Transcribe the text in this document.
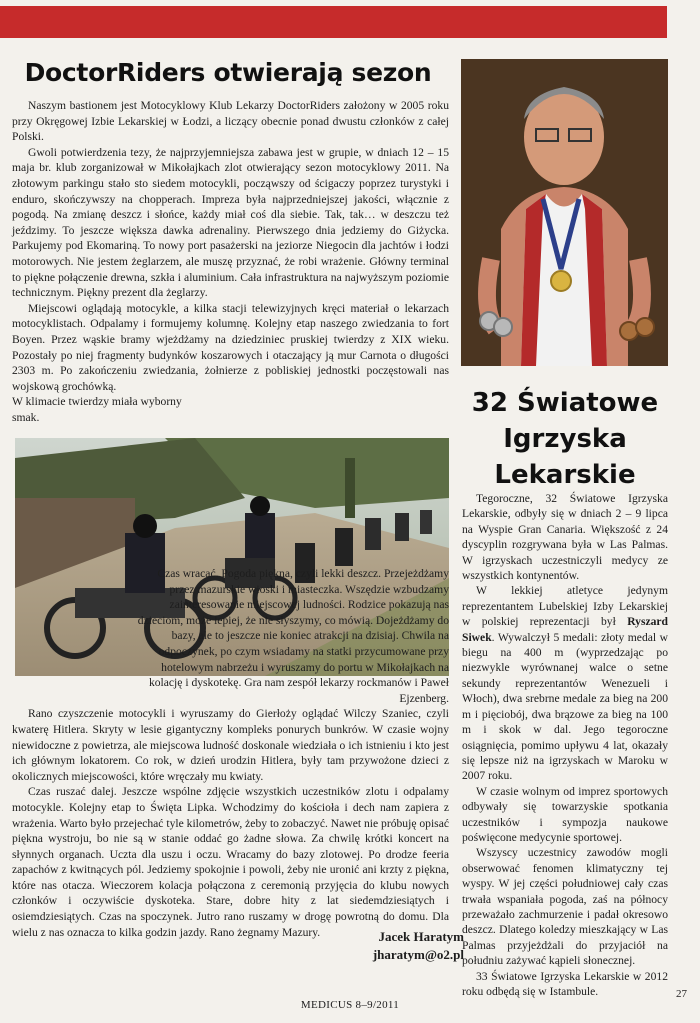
DoctorRiders otwierają sezon

Naszym bastionem jest Motocyklowy Klub Lekarzy DoctorRiders założony w 2005 roku przy Okręgowej Izbie Lekarskiej w Łodzi, a liczący obecnie ponad dwustu członków z całej Polski.

Gwoli potwierdzenia tezy, że najprzyjemniejsza zabawa jest w grupie, w dniach 12 – 15 maja br. klub zorganizował w Mikołajkach zlot otwierający sezon motocyklowy 2011. Na złotowym parkingu stało sto siedem motocykli, począwszy od ścigaczy poprzez turystyki i enduro, skończywszy na chopperach. Impreza była najprzedniejszej jakości, włącznie z pogodą. Na zmianę deszcz i słońce, każdy miał coś dla siebie. Tak, tak… w deszczu też jeździmy. To jeszcze większa dawka adrenaliny. Pierwszego dnia jedziemy do Giżycka. Parkujemy pod Ekomariną. To nowy port pasażerski na jeziorze Niegocin dla jachtów i łodzi motorowych. Nie jestem żeglarzem, ale muszę przyznać, że robi wrażenie. Główny terminal to piękne połączenie drewna, szkła i aluminium. Cała infrastruktura na najwyższym poziomie technicznym. Piękny prezent dla żeglarzy.

Miejscowi oglądają motocykle, a kilka stacji telewizyjnych kręci materiał o lekarzach motocyklistach. Odpalamy i formujemy kolumnę. Kolejny etap naszego zwiedzania to fort Boyen. Przez wąskie bramy wjeżdżamy na dziedziniec pruskiej twierdzy z XIX wieku. Pozostały po niej fragmenty budynków koszarowych i otaczający ją mur Carnota o długości 2303 m. Po zakończeniu zwiedzania, żołnierze z pobliskiej jednostki poczęstowali nas wojskową grochówką.

W klimacie twierdzy miała wyborny

smak.

Czas wracać. Pogoda piękna, czyli lekki deszcz. Przejeżdżamy przez mazurskie wioski i miasteczka. Wszędzie wzbudzamy zainteresowanie miejscowej ludności. Rodzice pokazują nas dzieciom, może lepiej, że nie słyszymy, co mówią. Dojeżdżamy do bazy, ale to jeszcze nie koniec atrakcji na dzisiaj. Chwila na odpoczynek, po czym wsiadamy na statki przycumowane przy hotelowym nabrzeżu i wyruszamy do portu w Mikołajkach na kolację i dyskotekę. Gra nam zespół lekarzy rockmanów i Paweł Ejzenberg.

Rano czyszczenie motocykli i wyruszamy do Gierłoży oglądać Wilczy Szaniec, czyli kwaterę Hitlera. Skryty w lesie gigantyczny kompleks ponurych bunkrów. W czasie wojny niewidoczne z powietrza, ale miejscowa ludność doskonale wiedziała o ich istnieniu i kto jest ich głównym lokatorem. Co rok, w dzień urodzin Hitlera, były tam przywożone dzieci z okolicznych miejscowości, które wręczały mu kwiaty.

Czas ruszać dalej. Jeszcze wspólne zdjęcie wszystkich uczestników zlotu i odpalamy motocykle. Kolejny etap to Święta Lipka. Wchodzimy do kościoła i dech nam zapiera z wrażenia. Warto było przejechać tyle kilometrów, żeby to zobaczyć. Nawet nie próbuję opisać piękna wystroju, bo nie są w stanie oddać go żadne słowa. Za chwilę krótki koncert na słynnych organach. Uczta dla uszu i oczu. Wracamy do bazy zlotowej. Po drodze feeria zapachów z kwitnących pól. Jedziemy spokojnie i powoli, żeby nie uronić ani krzty z piękna, które nas otacza. Wieczorem kolacja połączona z ceremonią przyjęcia do klubu nowych członków i oczywiście dyskoteka. Stare, dobre hity z lat siedemdziesiątych i osiemdziesiątych. Czas na spoczynek. Jutro rano ruszamy w drogę powrotną do domu. Dla wielu z nas oznacza to kilka godzin jazdy. Rano żegnamy Mazury.	Jacek Haratym
jharatym@o2.pl
32 Światowe
Igrzyska
Lekarskie

Tegoroczne, 32 Światowe Igrzyska Lekarskie, odbyły się w dniach 2 – 9 lipca na Wyspie Gran Canaria. Większość z 24 dyscyplin rozgrywana była w Las Palmas. W igrzyskach uczestniczyli medycy ze wszystkich kontynentów.

W lekkiej atletyce jedynym reprezentantem Lubelskiej Izby Lekarskiej w polskiej reprezentacji był Ryszard Siwek. Wywalczył 5 medali: złoty medal w biegu na 400 m (wyprzedzając po niezwykle wyrównanej walce o setne sekundy reprezentantów Wenezueli i Włoch), dwa srebrne medale za bieg na 200 m i pięciobój, dwa brązowe za bieg na 100 m i skok w dal. Jego tegoroczne osiągnięcia, pomimo upływu 4 lat, okazały się lepsze niż na igrzyskach w Maroku w 2007 roku.

W czasie wolnym od imprez sportowych odbywały się towarzyskie spotkania uczestników i sympozja naukowe poświęcone medycynie sportowej.

Wszyscy uczestnicy zawodów mogli obserwować fenomen klimatyczny tej wyspy. W jej części południowej cały czas trwała wspaniała pogoda, zaś na północy przeważało zachmurzenie i padał okresowo deszcz. Dlatego koledzy mieszkający w Las Palmas przyjeżdżali do przyjaciół na południu zażywać kąpieli słonecznej.

33 Światowe Igrzyska Lekarskie w 2012 roku odbędą się w Istambule.

MEDICUS 8–9/2011
27
